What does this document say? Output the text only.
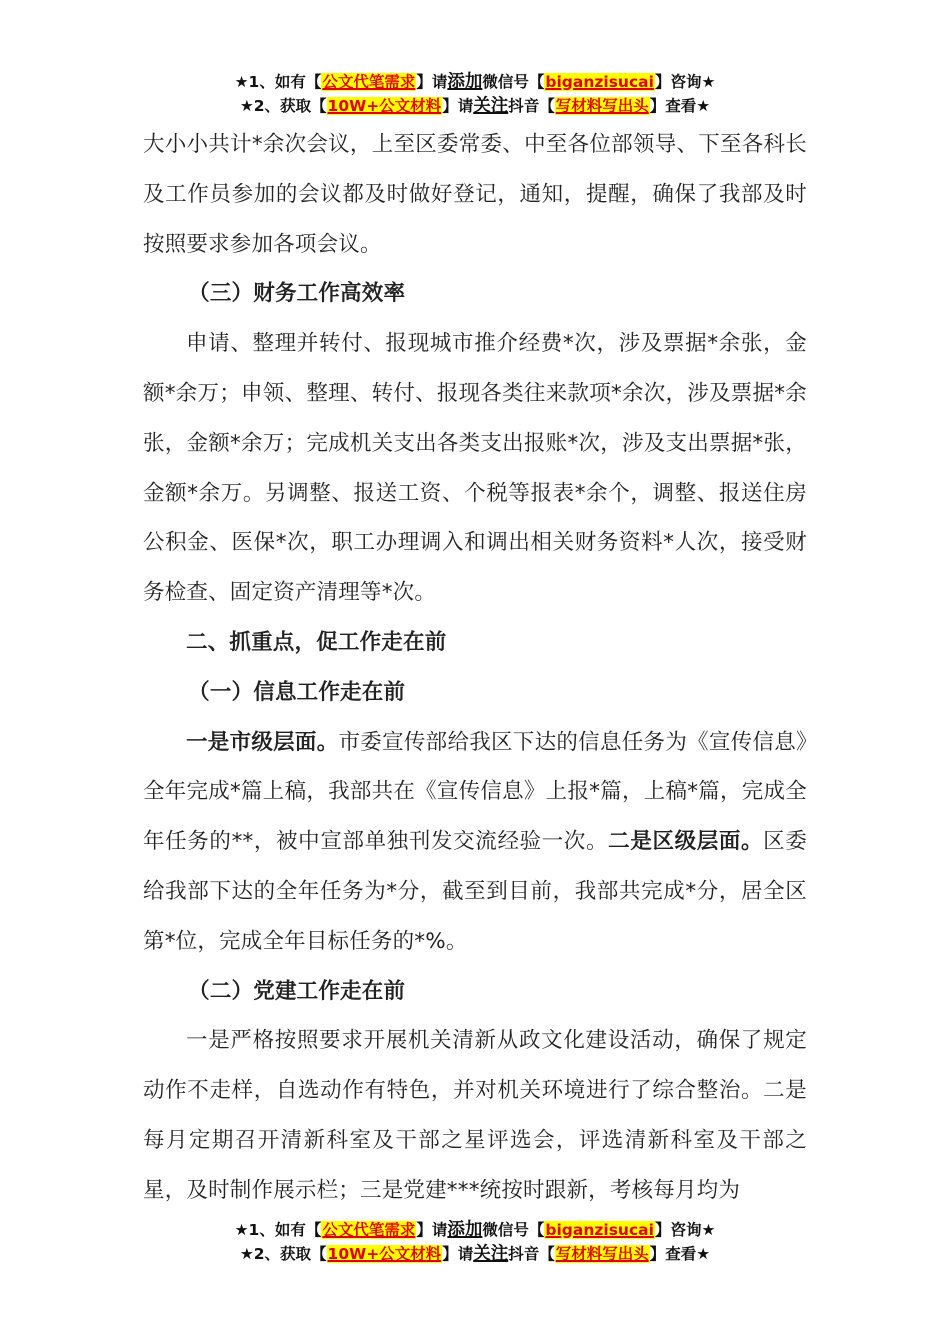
★1、如有【公文代笔需求】请添加微信号【biganzisucai】咨询★
★2、获取【10W+公文材料】请关注抖音【写材料写出头】查看★

大小小共计*余次会议，上至区委常委、中至各位部领导、下至各科长及工作员参加的会议都及时做好登记，通知，提醒，确保了我部及时按照要求参加各项会议。

（三）财务工作高效率

申请、整理并转付、报现城市推介经费*次，涉及票据*余张，金额*余万；申领、整理、转付、报现各类往来款项*余次，涉及票据*余张，金额*余万；完成机关支出各类支出报账*次，涉及支出票据*张，金额*余万。另调整、报送工资、个税等报表*余个，调整、报送住房公积金、医保*次，职工办理调入和调出相关财务资料*人次，接受财务检查、固定资产清理等*次。

二、抓重点，促工作走在前

（一）信息工作走在前

一是市级层面。市委宣传部给我区下达的信息任务为《宣传信息》全年完成*篇上稿，我部共在《宣传信息》上报*篇，上稿*篇，完成全年任务的**，被中宣部单独刊发交流经验一次。二是区级层面。区委给我部下达的全年任务为*分，截至到目前，我部共完成*分，居全区第*位，完成全年目标任务的*%。

（二）党建工作走在前

一是严格按照要求开展机关清新从政文化建设活动，确保了规定动作不走样，自选动作有特色，并对机关环境进行了综合整治。二是每月定期召开清新科室及干部之星评选会，评选清新科室及干部之星，及时制作展示栏；三是党建***统按时跟新，考核每月均为

★1、如有【公文代笔需求】请添加微信号【biganzisucai】咨询★
★2、获取【10W+公文材料】请关注抖音【写材料写出头】查看★
